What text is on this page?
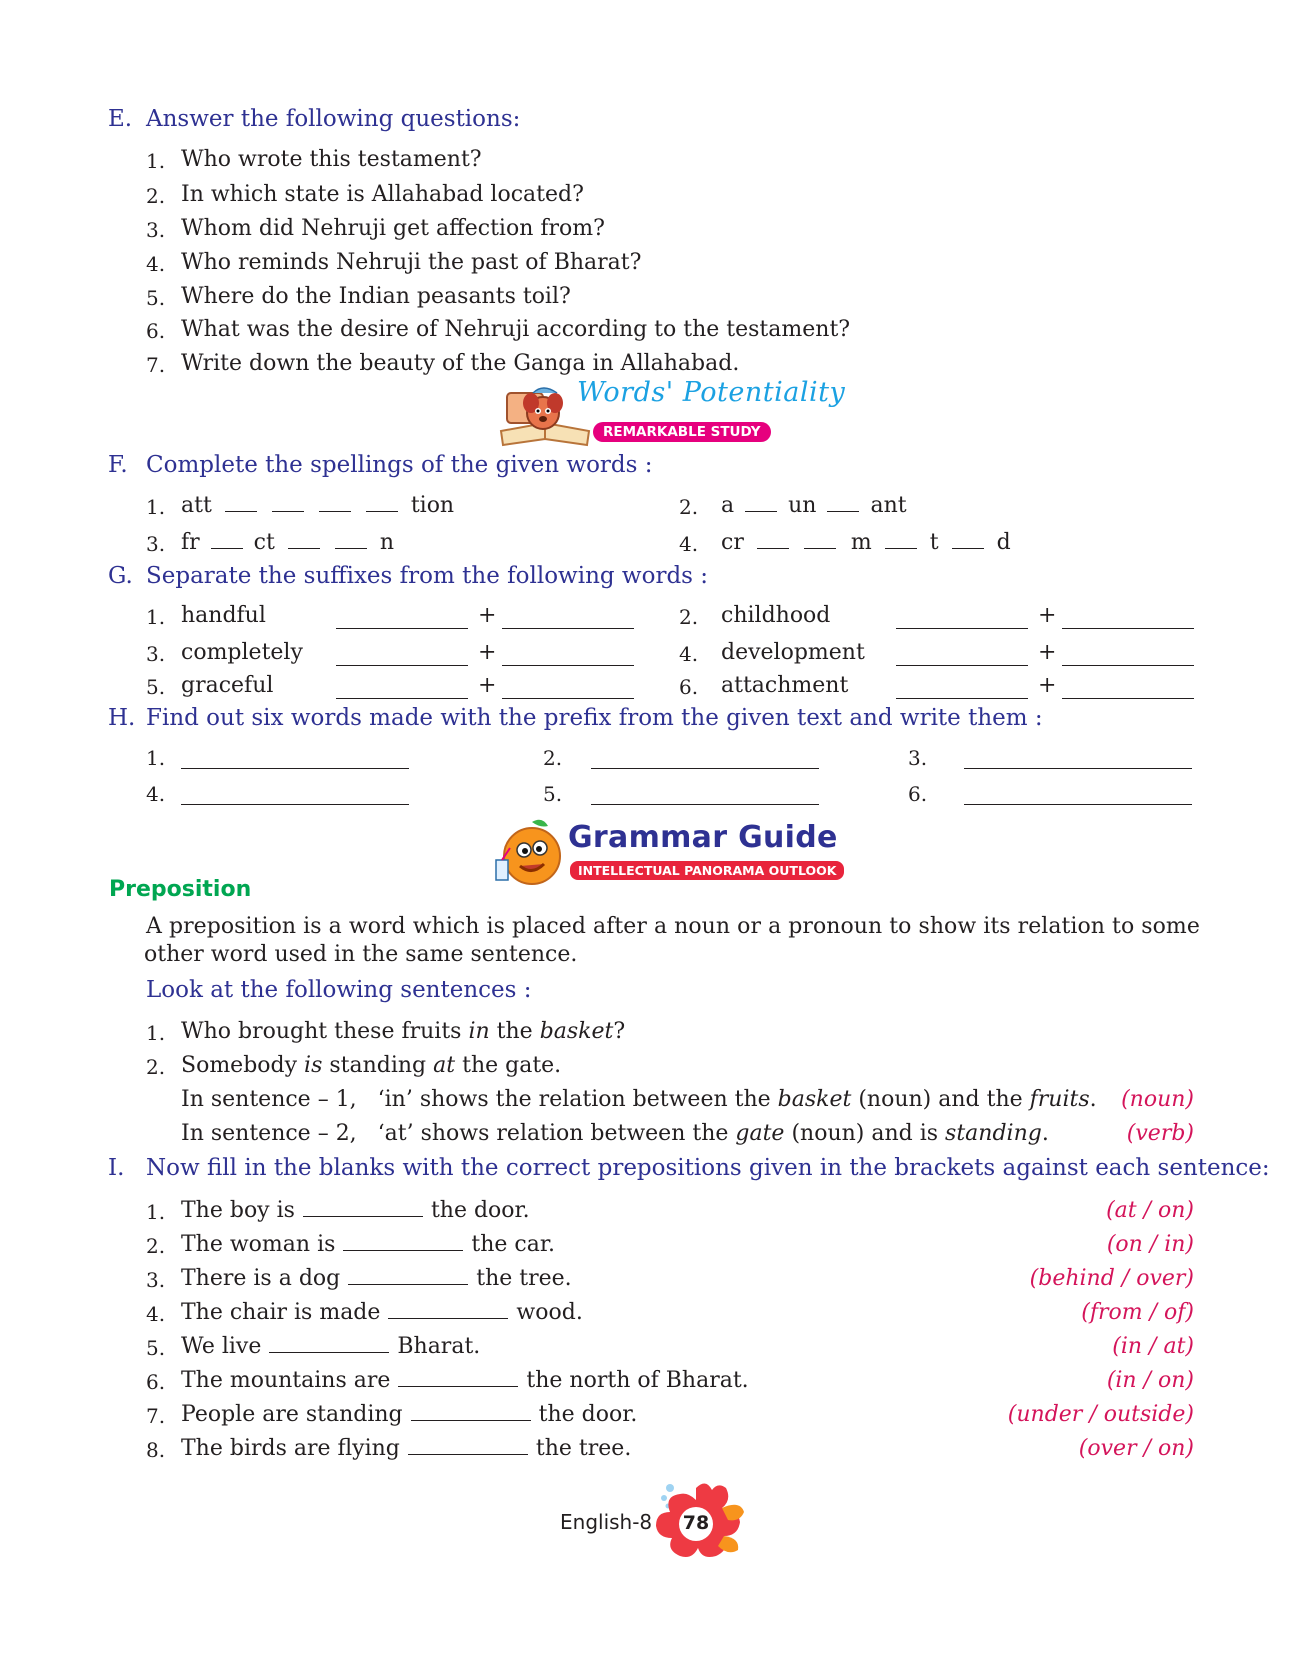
E. Answer the following questions:
1. Who wrote this testament?
2. In which state is Allahabad located?
3. Whom did Nehruji get affection from?
4. Who reminds Nehruji the past of Bharat?
5. Where do the Indian peasants toil?
6. What was the desire of Nehruji according to the testament?
7. Write down the beauty of the Ganga in Allahabad.
Words' Potentiality
REMARKABLE STUDY
F. Complete the spellings of the given words :
1. att	tion	2. a un ant
3. fr ct	n	4. cr	m	t	d
G. Separate the suffixes from the following words :
1. handful	+	2. childhood	+
3. completely	+	4. development	+
5. graceful	+	6. attachment	+
H. Find out six words made with the prefix from the given text and write them :
1.	2.	3.
4.	5.	6.
Grammar Guide
INTELLECTUAL PANORAMA OUTLOOK
Preposition
A preposition is a word which is placed after a noun or a pronoun to show its relation to some
other word used in the same sentence.
Look at the following sentences :
1. Who brought these fruits in the basket?
2. Somebody is standing at the gate.
In sentence – 1,   ‘in’ shows the relation between the basket (noun) and the fruits. (noun)
In sentence – 2,   ‘at’ shows relation between the gate (noun) and is standing.	(verb)
I. Now fill in the blanks with the correct prepositions given in the brackets against each sentence:
1. The boy is	the door.	(at / on)
2. The woman is	the car.	(on / in)
3. There is a dog	the tree.	(behind / over)
4. The chair is made	wood.	(from / of)
5. We live	Bharat.	(in / at)
6. The mountains are	the north of Bharat.	(in / on)
7. People are standing	the door.	(under / outside)
8. The birds are flying	the tree.	(over / on)
English-8 78
